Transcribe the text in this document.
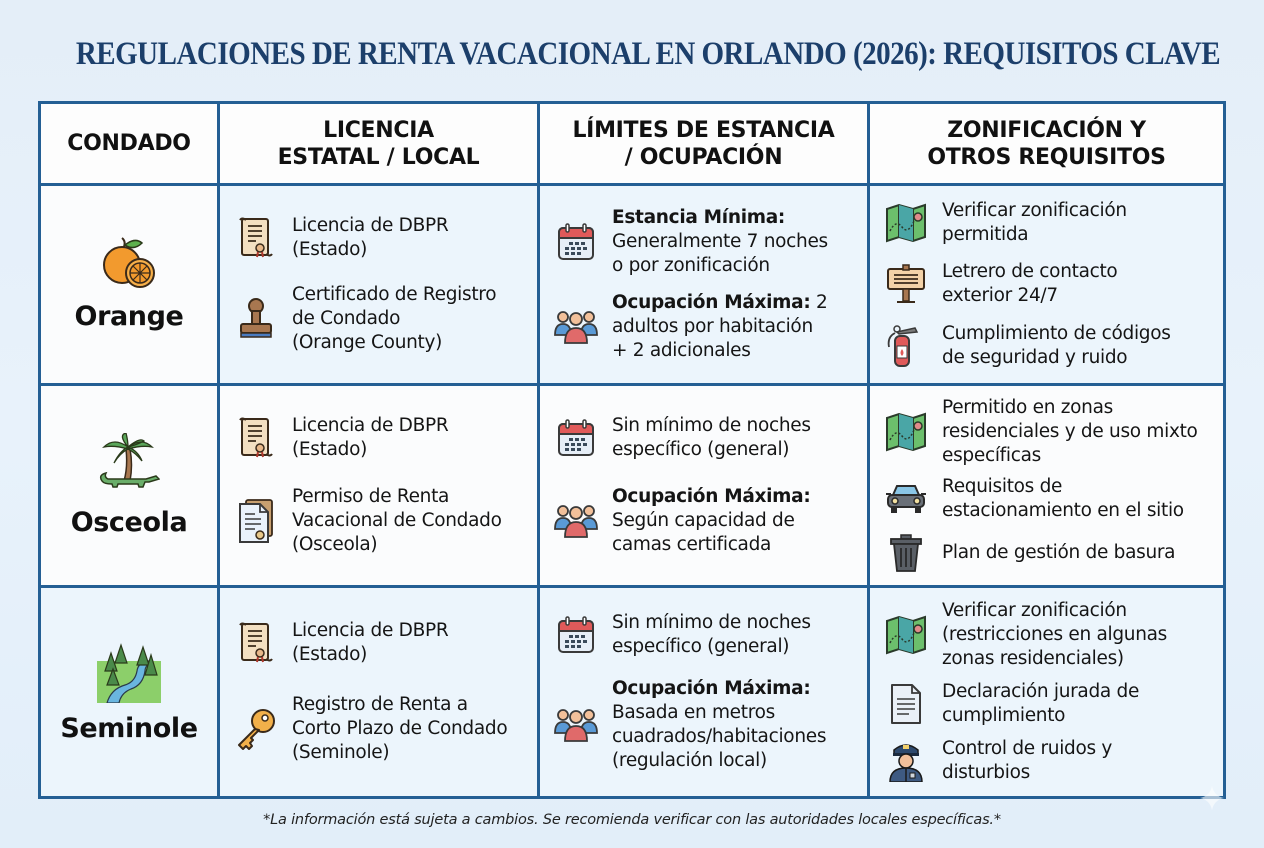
REGULACIONES DE RENTA VACACIONAL EN ORLANDO (2026): REQUISITOS CLAVE
CONDADO
LICENCIA
ESTATAL / LOCAL
LÍMITES DE ESTANCIA
/ OCUPACIÓN
ZONIFICACIÓN Y
OTROS REQUISITOS
Orange
Licencia de DBPR
(Estado)
Certificado de Registro
de Condado
(Orange County)
Estancia Mínima:
Generalmente 7 noches
o por zonificación
Ocupación Máxima: 2
adultos por habitación
+ 2 adicionales
Verificar zonificación
permitida
Letrero de contacto
exterior 24/7
Cumplimiento de códigos
de seguridad y ruido
Osceola
Licencia de DBPR
(Estado)
Permiso de Renta
Vacacional de Condado
(Osceola)
Sin mínimo de noches
específico (general)
Ocupación Máxima:
Según capacidad de
camas certificada
Permitido en zonas
residenciales y de uso mixto
específicas
Requisitos de
estacionamiento en el sitio
Plan de gestión de basura
Seminole
Licencia de DBPR
(Estado)
Registro de Renta a
Corto Plazo de Condado
(Seminole)
Sin mínimo de noches
específico (general)
Ocupación Máxima:
Basada en metros
cuadrados/habitaciones
(regulación local)
Verificar zonificación
(restricciones en algunas
zonas residenciales)
Declaración jurada de
cumplimiento
Control de ruidos y
disturbios
*La información está sujeta a cambios. Se recomienda verificar con las autoridades locales específicas.*
